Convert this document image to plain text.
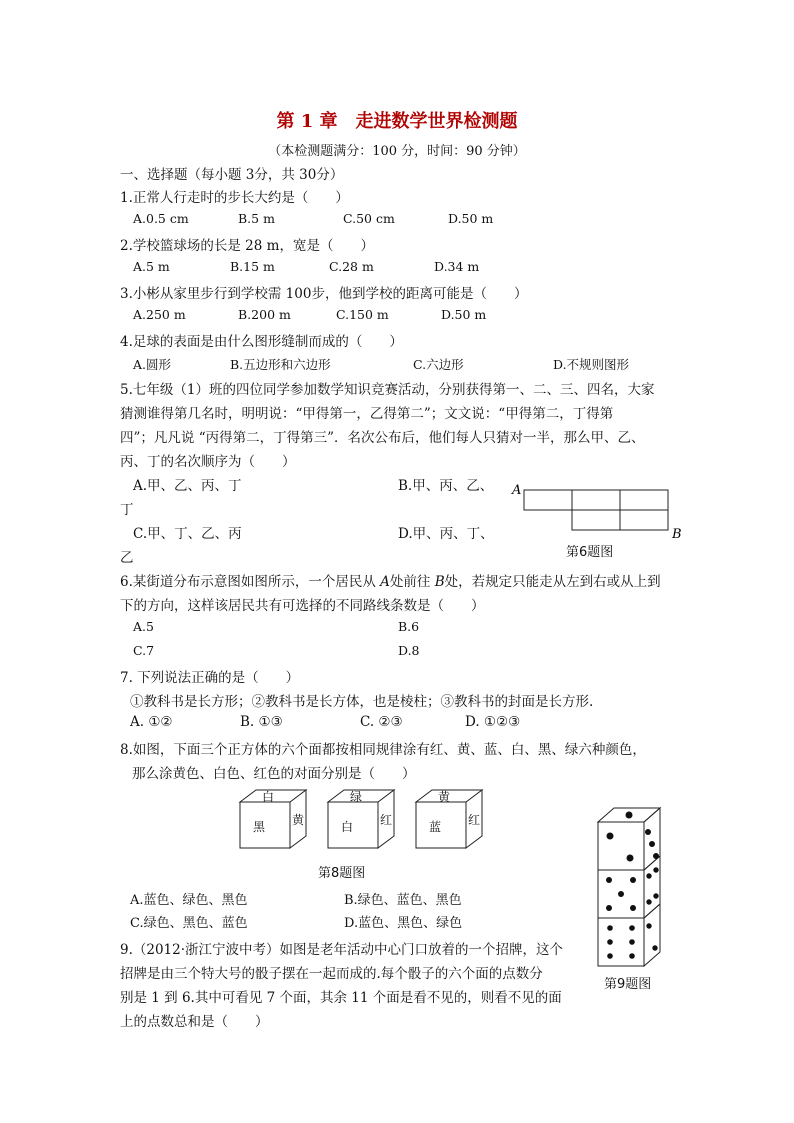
第 1 章　走进数学世界检测题
（本检测题满分：100 分，时间：90 分钟）
一、选择题（每小题 3分，共 30分）
1.正常人行走时的步长大约是（　　）
A.0.5 cm	B.5 m	C.50 cm	D.50 m
2.学校篮球场的长是 28 m，宽是（　　）
A.5 m	B.15 m	C.28 m	D.34 m
3.小彬从家里步行到学校需 100步，他到学校的距离可能是（　　）
A.250 m	B.200 m	C.150 m	D.50 m
4.足球的表面是由什么图形缝制而成的（　　）
A.圆形	B.五边形和六边形	C.六边形	D.不规则图形
5.七年级（1）班的四位同学参加数学知识竞赛活动，分别获得第一、二、三、四名，大家
猜测谁得第几名时，明明说：“甲得第一，乙得第二”；文文说：“甲得第二，丁得第
四”；凡凡说 “丙得第二，丁得第三”．名次公布后，他们每人只猜对一半，那么甲、乙、
丙、丁的名次顺序为（　　）
A.甲、乙、丙、丁	B.甲、丙、乙、
丁
C.甲、丁、乙、丙	D.甲、丙、丁、
乙
A
B
第6题图
6.某街道分布示意图如图所示，一个居民从 A处前往 B处，若规定只能走从左到右或从上到
下的方向，这样该居民共有可选择的不同路线条数是（　　）
A.5	B.6
C.7	D.8
7. 下列说法正确的是（　　）
①教科书是长方形；②教科书是长方体，也是棱柱；③教科书的封面是长方形.
A. ①②	B. ①③	C. ②③	D. ①②③
8.如图，下面三个正方体的六个面都按相同规律涂有红、黄、蓝、白、黑、绿六种颜色，
那么涂黄色、白色、红色的对面分别是（　　）
白
黑 黄
绿
白 红
黄
蓝 红
第8题图
A.蓝色、绿色、黑色	B.绿色、蓝色、黑色
C.绿色、黑色、蓝色	D.蓝色、黑色、绿色
第9题图
9.（2012·浙江宁波中考）如图是老年活动中心门口放着的一个招牌，这个
招牌是由三个特大号的骰子摆在一起而成的.每个骰子的六个面的点数分
别是 1 到 6.其中可看见 7 个面，其余 11 个面是看不见的，则看不见的面
上的点数总和是（　　）
